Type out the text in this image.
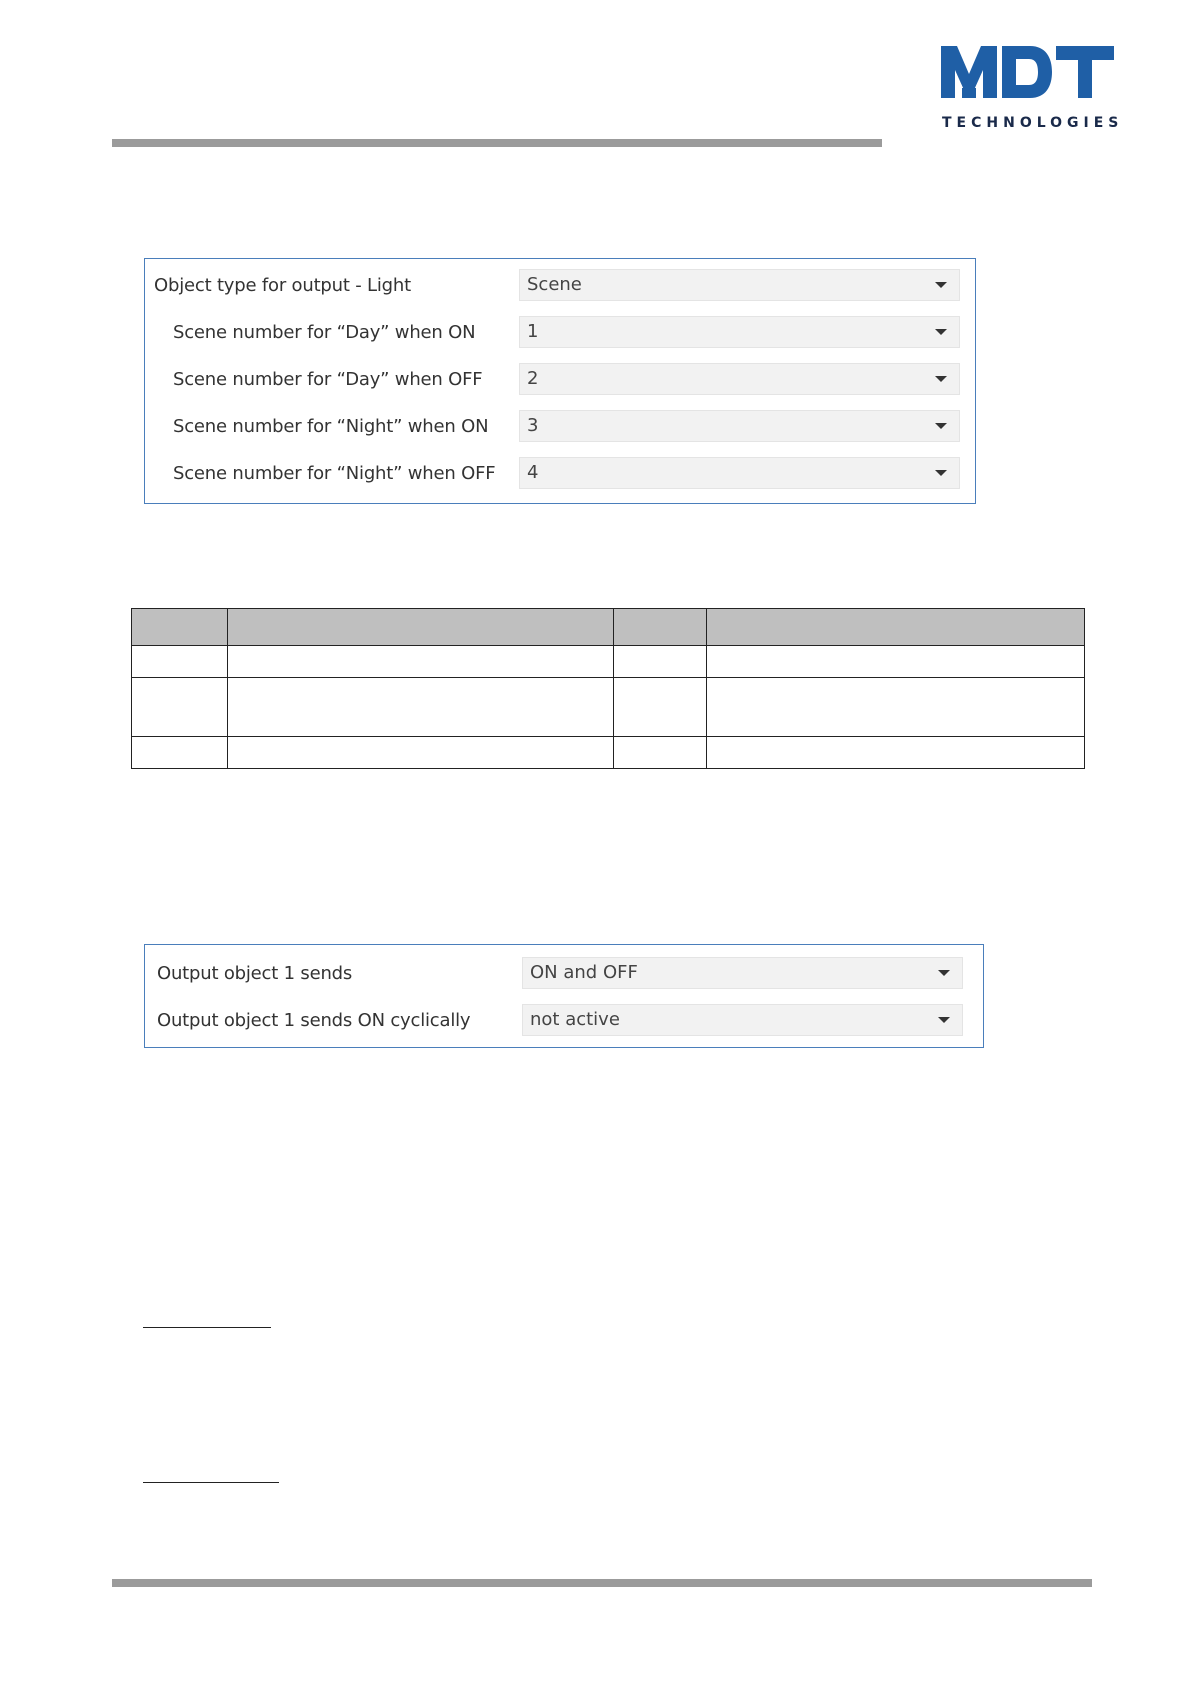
TECHNOLOGIES
Object type for output - Light	Scene
Scene number for “Day” when ON	1
Scene number for “Day” when OFF 2
Scene number for “Night” when ON 3
Scene number for “Night” when OFF 4

Output object 1 sends	ON and OFF
Output object 1 sends ON cyclically	not active
